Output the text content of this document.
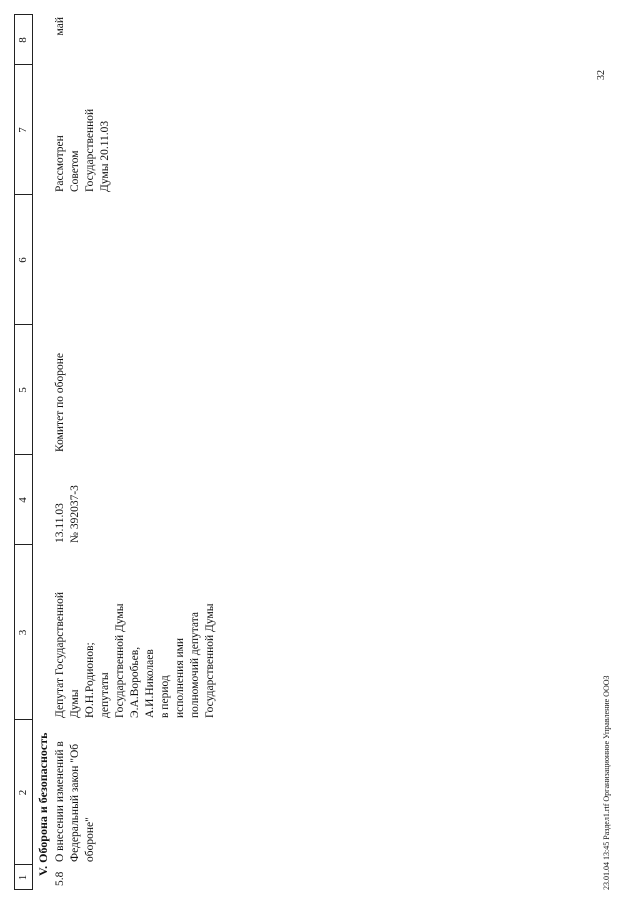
1
2
3
4
5
6
7
8
V. Оборона и безопасность
5.8
О внесении изменений в
Федеральный закон "Об
обороне"
Депутат Государственной
Думы
Ю.Н.Родионов;
депутаты
Государственной Думы
Э.А.Воробьев,
А.И.Николаев
в период
исполнения ими
полномочий депутата
Государственной Думы
13.11.03
№ 392037-3
Комитет по обороне
Рассмотрен
Советом
Государственной
Думы 20.11.03
май
23.01.04 13:45 Раздел1.rtf Организационное Управление ОООЗ
32
